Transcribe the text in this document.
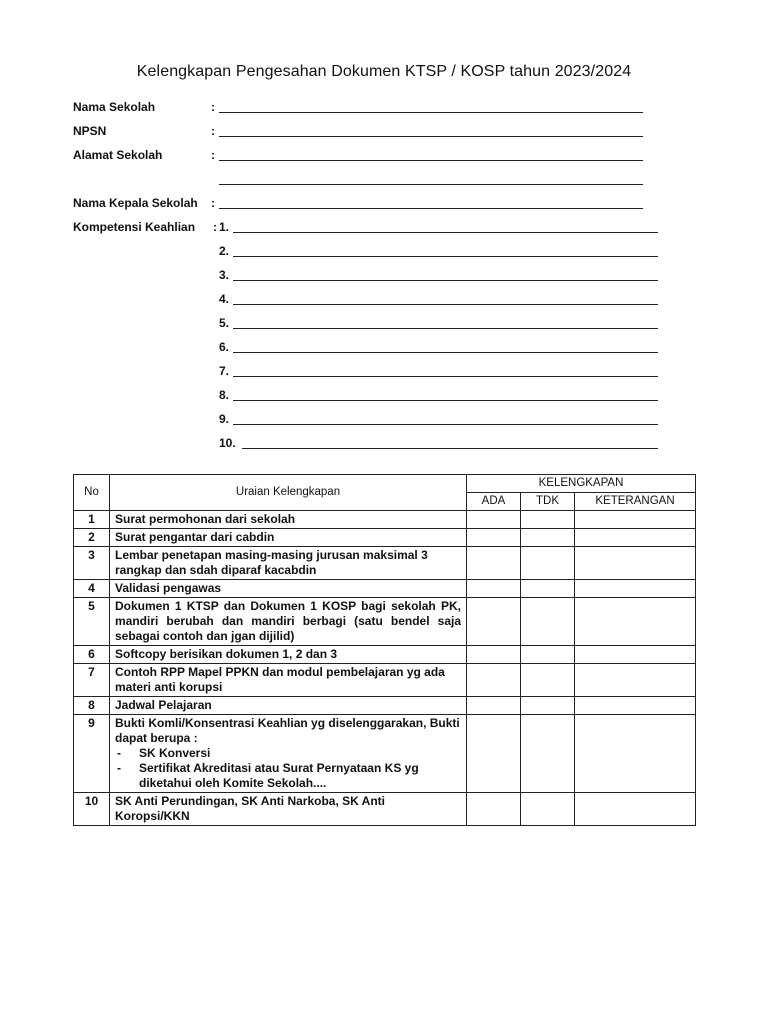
Kelengkapan Pengesahan Dokumen KTSP / KOSP tahun 2023/2024
Nama Sekolah	:
NPSN	:
Alamat Sekolah	:
Nama Kepala Sekolah :
Kompetensi Keahlian : 1.
2.
3.
4.
5.
6.
7.
8.
9.
10.
No	Uraian Kelengkapan	KELENGKAPAN		
		ADA	TDK	KETERANGAN
1	Surat permohonan dari sekolah			
2	Surat pengantar dari cabdin			
3	Lembar penetapan masing-masing jurusan maksimal 3 rangkap dan sdah diparaf kacabdin			
4	Validasi pengawas			
5	Dokumen 1 KTSP dan Dokumen 1 KOSP bagi sekolah PK, mandiri berubah dan mandiri berbagi (satu bendel saja sebagai contoh dan jgan dijilid)			
6	Softcopy berisikan dokumen 1, 2 dan 3			
7	Contoh RPP Mapel PPKN dan modul pembelajaran yg ada materi anti korupsi			
8	Jadwal Pelajaran			
9	Bukti Komli/Konsentrasi Keahlian yg diselenggarakan, Bukti dapat berupa :
- SK Konversi
- Sertifikat Akreditasi atau Surat Pernyataan KS yg diketahui oleh Komite Sekolah....			

10	SK Anti Perundingan, SK Anti Narkoba, SK Anti Koropsi/KKN			
